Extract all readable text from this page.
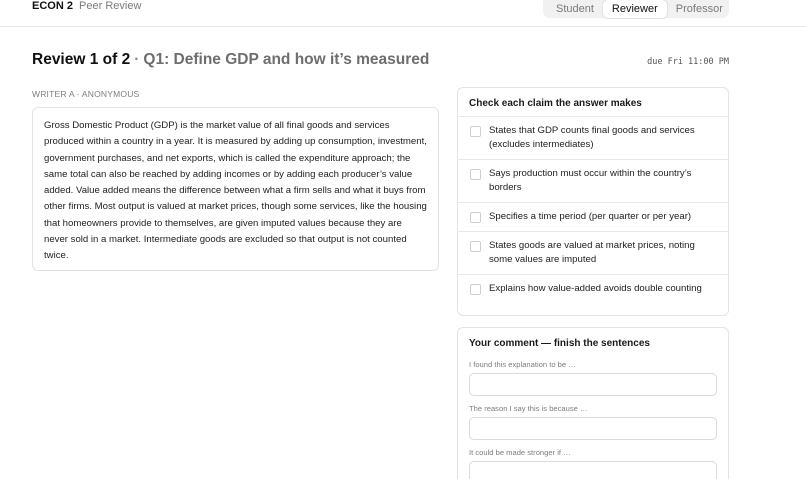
ECON 2 Peer Review	Student	Reviewer	Professor
Review 1 of 2 · Q1: Define GDP and how it’s measured	due Fri 11:00 PM
WRITER A · ANONYMOUS

Gross Domestic Product (GDP) is the market value of all final goods and services produced within a country in a year. It is measured by adding up consumption, investment, government purchases, and net exports, which is called the expenditure approach; the same total can also be reached by adding incomes or by adding each producer’s value added. Value added means the difference between what a firm sells and what it buys from other firms. Most output is valued at market prices, though some services, like the housing that homeowners provide to themselves, are given imputed values because they are never sold in a market. Intermediate goods are excluded so that output is not counted twice.

Check each claim the answer makes
States that GDP counts final goods and services (excludes intermediates)
Says production must occur within the country’s borders
Specifies a time period (per quarter or per year)
States goods are valued at market prices, noting some values are imputed
Explains how value-added avoids double counting
Your comment — finish the sentences
I found this explanation to be …
The reason I say this is because …
It could be made stronger if …
